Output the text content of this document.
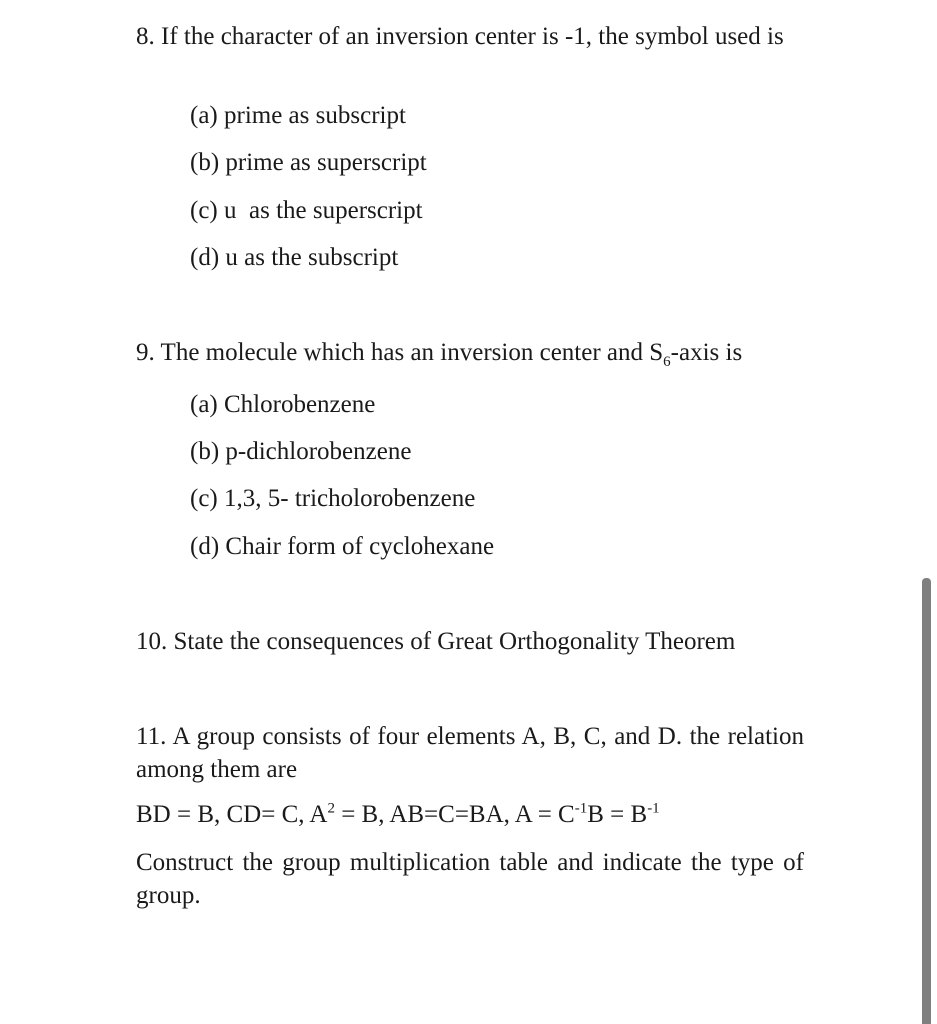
8. If the character of an inversion center is -1, the symbol used is
(a) prime as subscript
(b) prime as superscript
(c) u  as the superscript
(d) u as the subscript
9. The molecule which has an inversion center and $S_6$-axis is
(a) Chlorobenzene
(b) p-dichlorobenzene
(c) 1,3, 5- tricholorobenzene
(d) Chair form of cyclohexane
10. State the consequences of Great Orthogonality Theorem
11. A group consists of four elements A, B, C, and D. the relation among them are
BD = B, CD= C, $A^2 = B$, AB=C=BA, $A = C^{-1}B = B^{-1}$
Construct the group multiplication table and indicate the type of group.
